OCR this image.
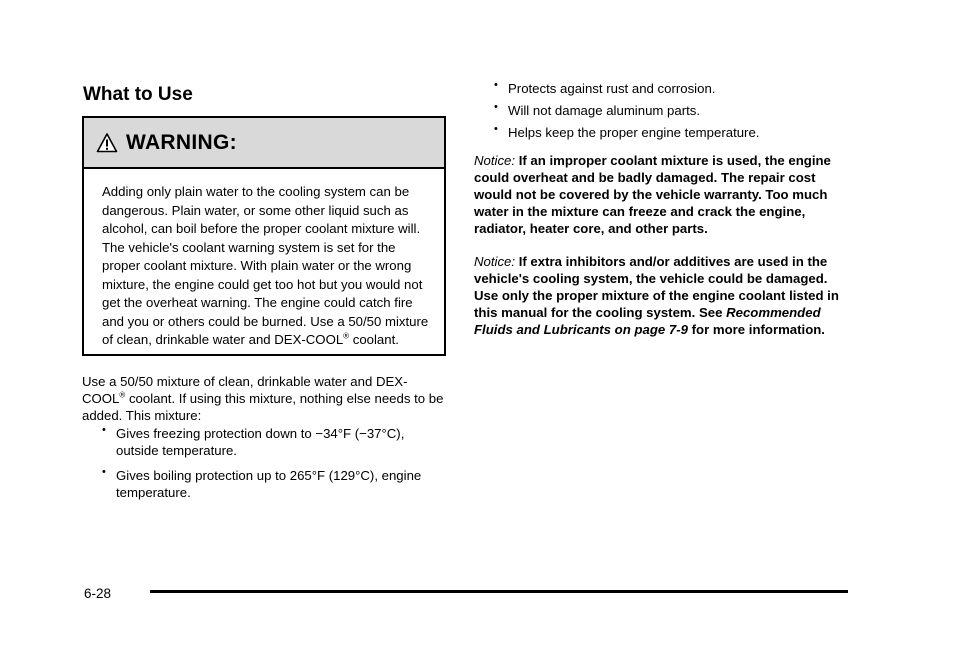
What to Use
WARNING:
Adding only plain water to the cooling system can be dangerous. Plain water, or some other liquid such as alcohol, can boil before the proper coolant mixture will. The vehicle's coolant warning system is set for the proper coolant mixture. With plain water or the wrong mixture, the engine could get too hot but you would not get the overheat warning. The engine could catch fire and you or others could be burned. Use a 50/50 mixture of clean, drinkable water and DEX-COOL® coolant.
Use a 50/50 mixture of clean, drinkable water and DEX-COOL® coolant. If using this mixture, nothing else needs to be added. This mixture:
• Gives freezing protection down to −34°F (−37°C), outside temperature.
• Gives boiling protection up to 265°F (129°C), engine temperature.
• Protects against rust and corrosion.
• Will not damage aluminum parts.
• Helps keep the proper engine temperature.
Notice: If an improper coolant mixture is used, the engine could overheat and be badly damaged. The repair cost would not be covered by the vehicle warranty. Too much water in the mixture can freeze and crack the engine, radiator, heater core, and other parts.
Notice: If extra inhibitors and/or additives are used in the vehicle's cooling system, the vehicle could be damaged. Use only the proper mixture of the engine coolant listed in this manual for the cooling system. See Recommended Fluids and Lubricants on page 7‑9 for more information.
6-28
